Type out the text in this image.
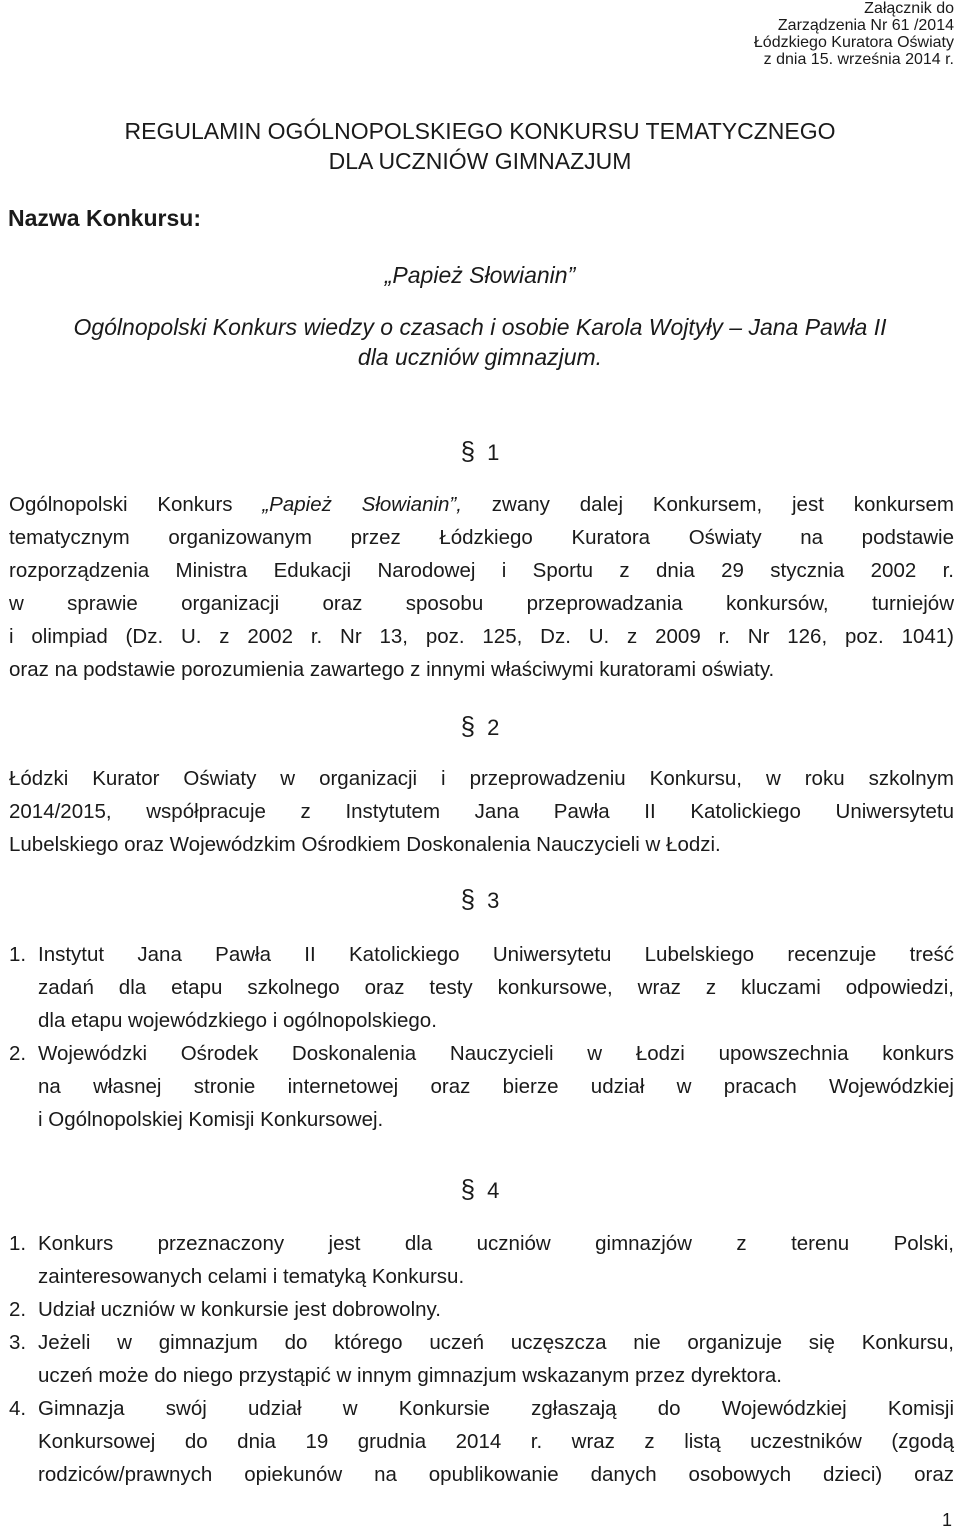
Załącznik do
Zarządzenia Nr 61 /2014
Łódzkiego Kuratora Oświaty
z dnia 15. września 2014 r.
REGULAMIN OGÓLNOPOLSKIEGO KONKURSU TEMATYCZNEGO
DLA UCZNIÓW GIMNAZJUM
Nazwa Konkursu:
„Papież Słowianin”
Ogólnopolski Konkurs wiedzy o czasach i osobie Karola Wojtyły – Jana Pawła II
dla uczniów gimnazjum.
§ 1
Ogólnopolski Konkurs „Papież Słowianin”, zwany dalej Konkursem, jest konkursem
tematycznym organizowanym przez Łódzkiego Kuratora Oświaty na podstawie
rozporządzenia Ministra Edukacji Narodowej i Sportu z dnia 29 stycznia 2002 r.
w sprawie organizacji oraz sposobu przeprowadzania konkursów, turniejów
i olimpiad (Dz. U. z 2002 r. Nr 13, poz. 125, Dz. U. z 2009 r. Nr 126, poz. 1041)
oraz na podstawie porozumienia zawartego z innymi właściwymi kuratorami oświaty.
§ 2
Łódzki Kurator Oświaty w organizacji i przeprowadzeniu Konkursu, w roku szkolnym
2014/2015, współpracuje z Instytutem Jana Pawła II Katolickiego Uniwersytetu
Lubelskiego oraz Wojewódzkim Ośrodkiem Doskonalenia Nauczycieli w Łodzi.
§ 3
1. Instytut Jana Pawła II Katolickiego Uniwersytetu Lubelskiego recenzuje treść
zadań dla etapu szkolnego oraz testy konkursowe, wraz z kluczami odpowiedzi,
dla etapu wojewódzkiego i ogólnopolskiego.
2. Wojewódzki Ośrodek Doskonalenia Nauczycieli w Łodzi upowszechnia konkurs
na własnej stronie internetowej oraz bierze udział w pracach Wojewódzkiej
i Ogólnopolskiej Komisji Konkursowej.
§ 4
1. Konkurs przeznaczony jest dla uczniów gimnazjów z terenu Polski,
zainteresowanych celami i tematyką Konkursu.
2. Udział uczniów w konkursie jest dobrowolny.
3. Jeżeli w gimnazjum do którego uczeń uczęszcza nie organizuje się Konkursu,
uczeń może do niego przystąpić w innym gimnazjum wskazanym przez dyrektora.
4. Gimnazja swój udział w Konkursie zgłaszają do Wojewódzkiej Komisji
Konkursowej do dnia 19 grudnia 2014 r. wraz z listą uczestników (zgodą
rodziców/prawnych opiekunów na opublikowanie danych osobowych dzieci) oraz
1
